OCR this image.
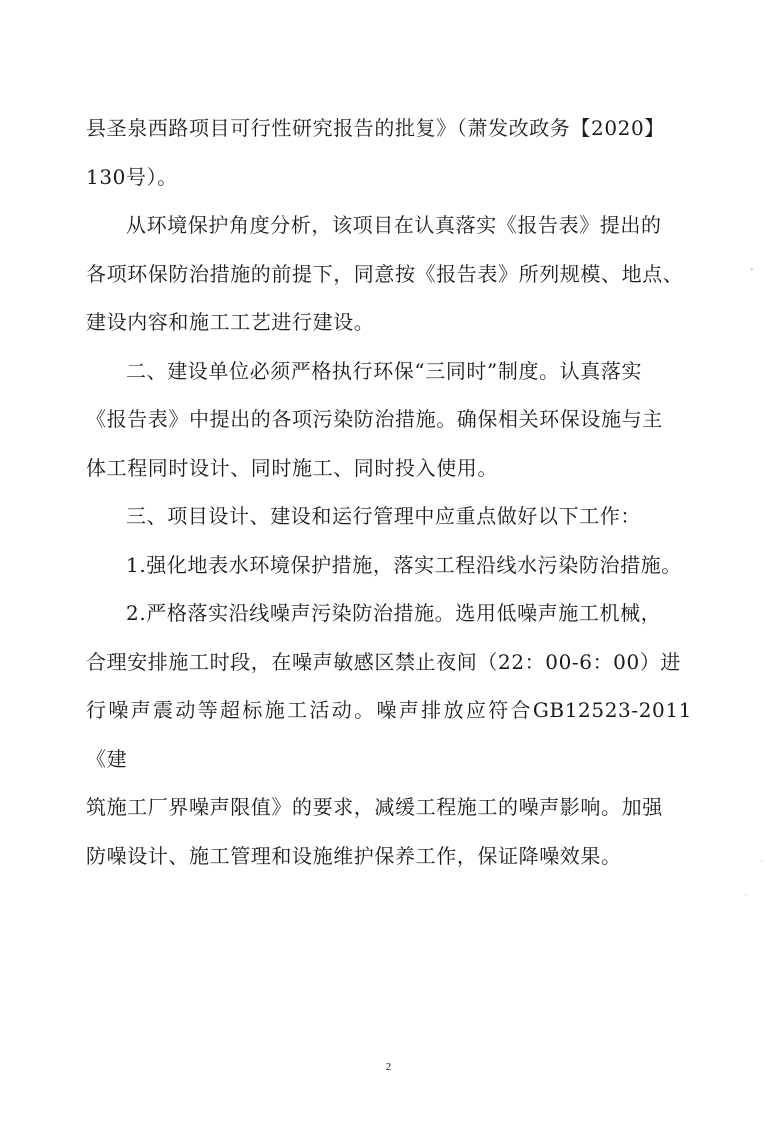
县圣泉西路项目可行性研究报告的批复》（萧发改政务【2020】
130号）。

从环境保护角度分析，该项目在认真落实《报告表》提出的
各项环保防治措施的前提下，同意按《报告表》所列规模、地点、
建设内容和施工工艺进行建设。

二、建设单位必须严格执行环保“三同时”制度。认真落实
《报告表》中提出的各项污染防治措施。确保相关环保设施与主
体工程同时设计、同时施工、同时投入使用。

三、项目设计、建设和运行管理中应重点做好以下工作：

1.强化地表水环境保护措施，落实工程沿线水污染防治措施。

2.严格落实沿线噪声污染防治措施。选用低噪声施工机械，
合理安排施工时段，在噪声敏感区禁止夜间（22：00-6：00）进
行噪声震动等超标施工活动。噪声排放应符合GB12523-2011《建
筑施工厂界噪声限值》的要求，减缓工程施工的噪声影响。加强
防噪设计、施工管理和设施维护保养工作，保证降噪效果。

2
ﾞ
ˌ
ˈ
